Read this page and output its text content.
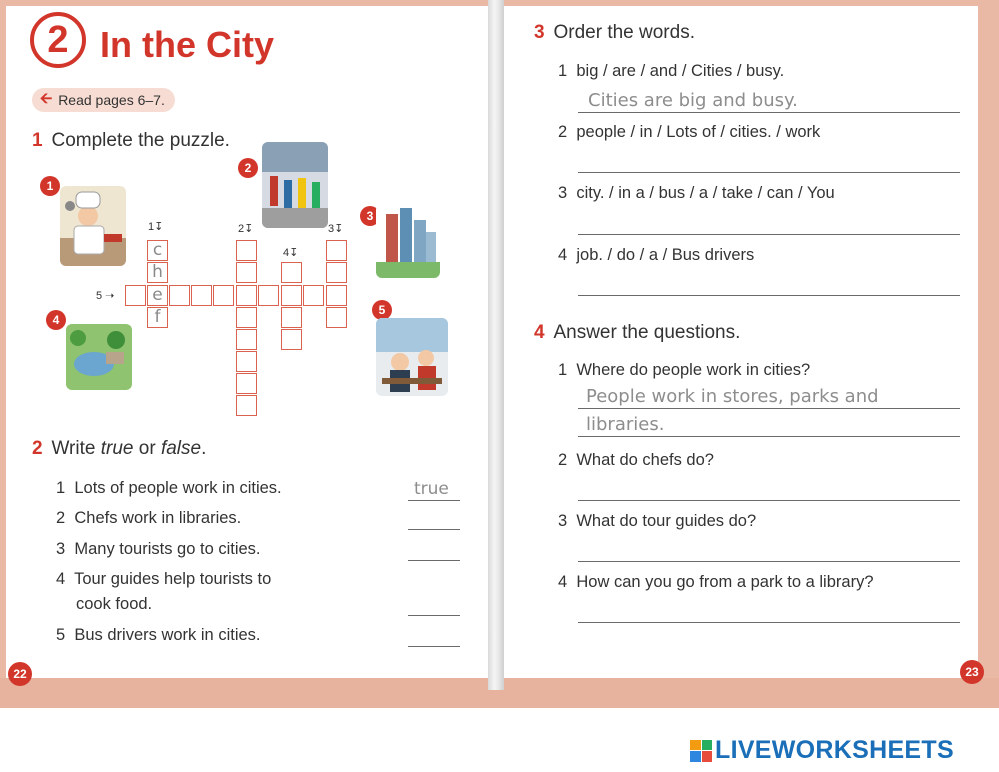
2 In the City
🡨 Read pages 6–7.
1 Complete the puzzle.
1
2
3
4
5
1↧	2↧	3↧
4↧
5 ➝
c
h
e
f
2 Write true or false.
1 Lots of people work in cities.	true
2 Chefs work in libraries.
3 Many tourists go to cities.
4 Tour guides help tourists to
cook food.
5 Bus drivers work in cities.
22
3 Order the words.
1 big / are / and / Cities / busy.
Cities are big and busy.
2 people / in / Lots of / cities. / work
3 city. / in a / bus / a / take / can / You
4 job. / do / a / Bus drivers
4 Answer the questions.
1 Where do people work in cities?
People work in stores, parks and
libraries.
2 What do chefs do?
3 What do tour guides do?
4 How can you go from a park to a library?
23
LIVEWORKSHEETS
